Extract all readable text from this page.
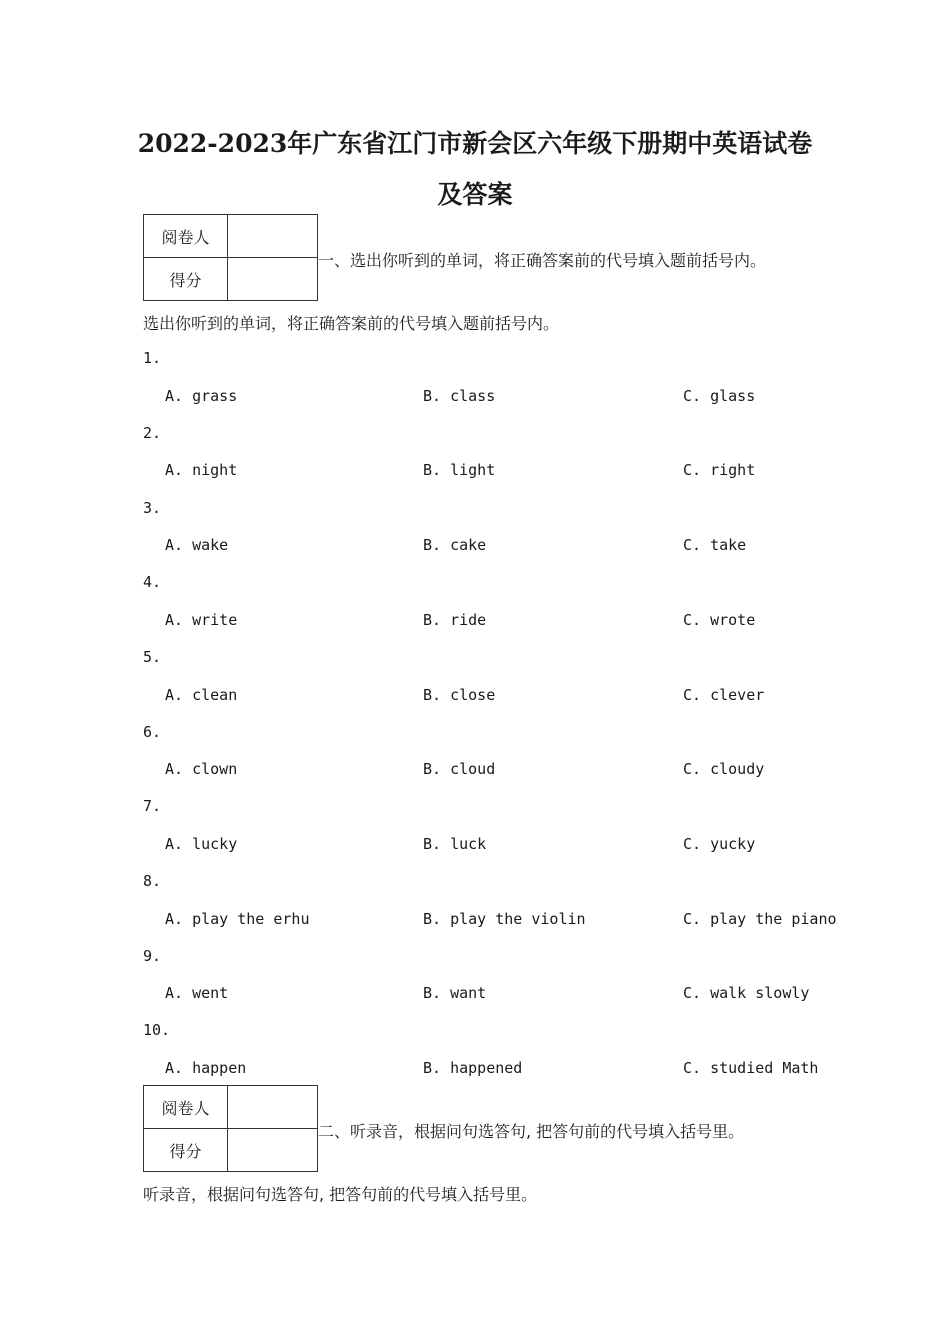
2022-2023年广东省江门市新会区六年级下册期中英语试卷
及答案
阅卷人	
得分	
一、选出你听到的单词，将正确答案前的代号填入题前括号内。
选出你听到的单词，将正确答案前的代号填入题前括号内。
1.
A. grass	B. class	C. glass
2.
A. night	B. light	C. right
3.
A. wake	B. cake	C. take
4.
A. write	B. ride	C. wrote
5.
A. clean	B. close	C. clever
6.
A. clown	B. cloud	C. cloudy
7.
A. lucky	B. luck	C. yucky
8.
A. play the erhu	B. play the violin	C. play the piano
9.
A. went	B. want	C. walk slowly
10.
A. happen	B. happened	C. studied Math
阅卷人	
得分	
二、听录音，根据问句选答句, 把答句前的代号填入括号里。
听录音，根据问句选答句, 把答句前的代号填入括号里。
